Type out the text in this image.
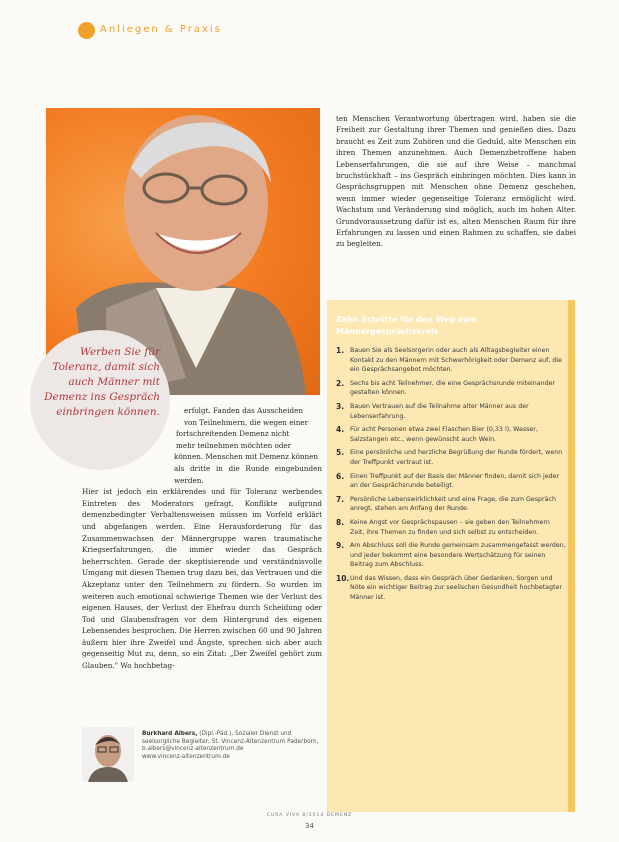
Anliegen & Praxis
Werben Sie für Toleranz, damit sich auch Männer mit Demenz ins Gespräch einbringen können.	erfolgt. Fanden das Ausscheiden

von Teilnehmern, die wegen einer

fortschreitenden Demenz nicht

mehr teilnehmen möchten oder

können. Menschen mit Demenz können

als dritte in die Runde eingebunden werden.

Hier ist jedoch ein erklärendes und für Toleranz werbendes Eintreten des Moderators gefragt. Konflikte aufgrund demenzbedingter Verhaltensweisen müssen im Vorfeld erklärt und abgefangen werden. Eine Herausforderung für das Zusammenwachsen der Männergruppe waren traumatische Kriegserfahrungen, die immer wieder das Gespräch beherrschten. Gerade der skeptisierende und verständnisvolle Umgang mit diesen Themen trug dazu bei, das Vertrauen und die Akzeptanz unter den Teilnehmern zu fördern. So wurden im weiteren auch emotional schwierige Themen wie der Verlust des eigenen Hauses, der Verlust der Ehefrau durch Scheidung oder Tod und Glaubensfragen vor dem Hintergrund des eigenen Lebensendes besprochen. Die Herren zwischen 60 und 90 Jahren äußern hier ihre Zweifel und Ängste, sprechen sich aber auch gegenseitig Mut zu, denn, so ein Zitat: „Der Zweifel gehört zum Glauben." Wo hochbetag-

Burkhard Albers, (Dipl.-Päd.), Sozialer Dienst und seelsorgliche Begleiter, St. Vincenz-Altenzentrum Paderborn, b.albers@vincenz-altenzentrum.de
www.vincenz-altenzentrum.de
ten Menschen Verantwortung übertragen wird, haben sie die Freiheit zur Gestaltung ihrer Themen und genießen dies. Dazu braucht es Zeit zum Zuhören und die Geduld, alte Menschen ein ihren Themen anzunehmen. Auch Demenzbetroffene haben Lebenserfahrungen, die sie auf ihre Weise – manchmal bruchstückhaft – ins Gespräch einbringen möchten. Dies kann in Gesprächsgruppen mit Menschen ohne Demenz geschehen, wenn immer wieder gegenseitige Toleranz ermöglicht wird. Wachstum und Veränderung sind möglich, auch im hohen Alter. Grundvoraussetzung dafür ist es, alten Menschen Raum für ihre Erfahrungen zu lassen und einen Rahmen zu schaffen, sie dabei zu begleiten.
Zehn Schritte für den Weg zum Männergesprächskreis
1. Bauen Sie als Seelsorgerin oder auch als Alltagsbegleiter einen Kontakt zu den Männern mit Schwerhörigkeit oder Demenz auf, die ein Gesprächsangebot möchten.
2. Sechs bis acht Teilnehmer, die eine Gesprächsrunde miteinander gestalten können.
3. Bauen Vertrauen auf die Teilnahme alter Männer aus der Lebenserfahrung.
4. Für acht Personen etwa zwei Flaschen Bier (0,33 l), Wasser, Salzstangen etc., wenn gewünscht auch Wein.
5. Eine persönliche und herzliche Begrüßung der Runde fördert, wenn der Treffpunkt vertraut ist.
6. Einen Treffpunkt auf der Basis der Männer finden, damit sich jeder an der Gesprächsrunde beteiligt.
7. Persönliche Lebenswirklichkeit und eine Frage, die zum Gespräch anregt, stehen am Anfang der Runde.
8. Keine Angst vor Gesprächspausen – sie geben den Teilnehmern Zeit, ihre Themen zu finden und sich selbst zu entscheiden.
9. Am Abschluss soll die Runde gemeinsam zusammengefasst werden, und jeder bekommt eine besondere Wertschätzung für seinen Beitrag zum Abschluss.
10. Und das Wissen, dass ein Gespräch über Gedanken, Sorgen und Nöte ein wichtiger Beitrag zur seelischen Gesundheit hochbetagter Männer ist.
CURA VIVA 8/2014 DEMENZ
34
